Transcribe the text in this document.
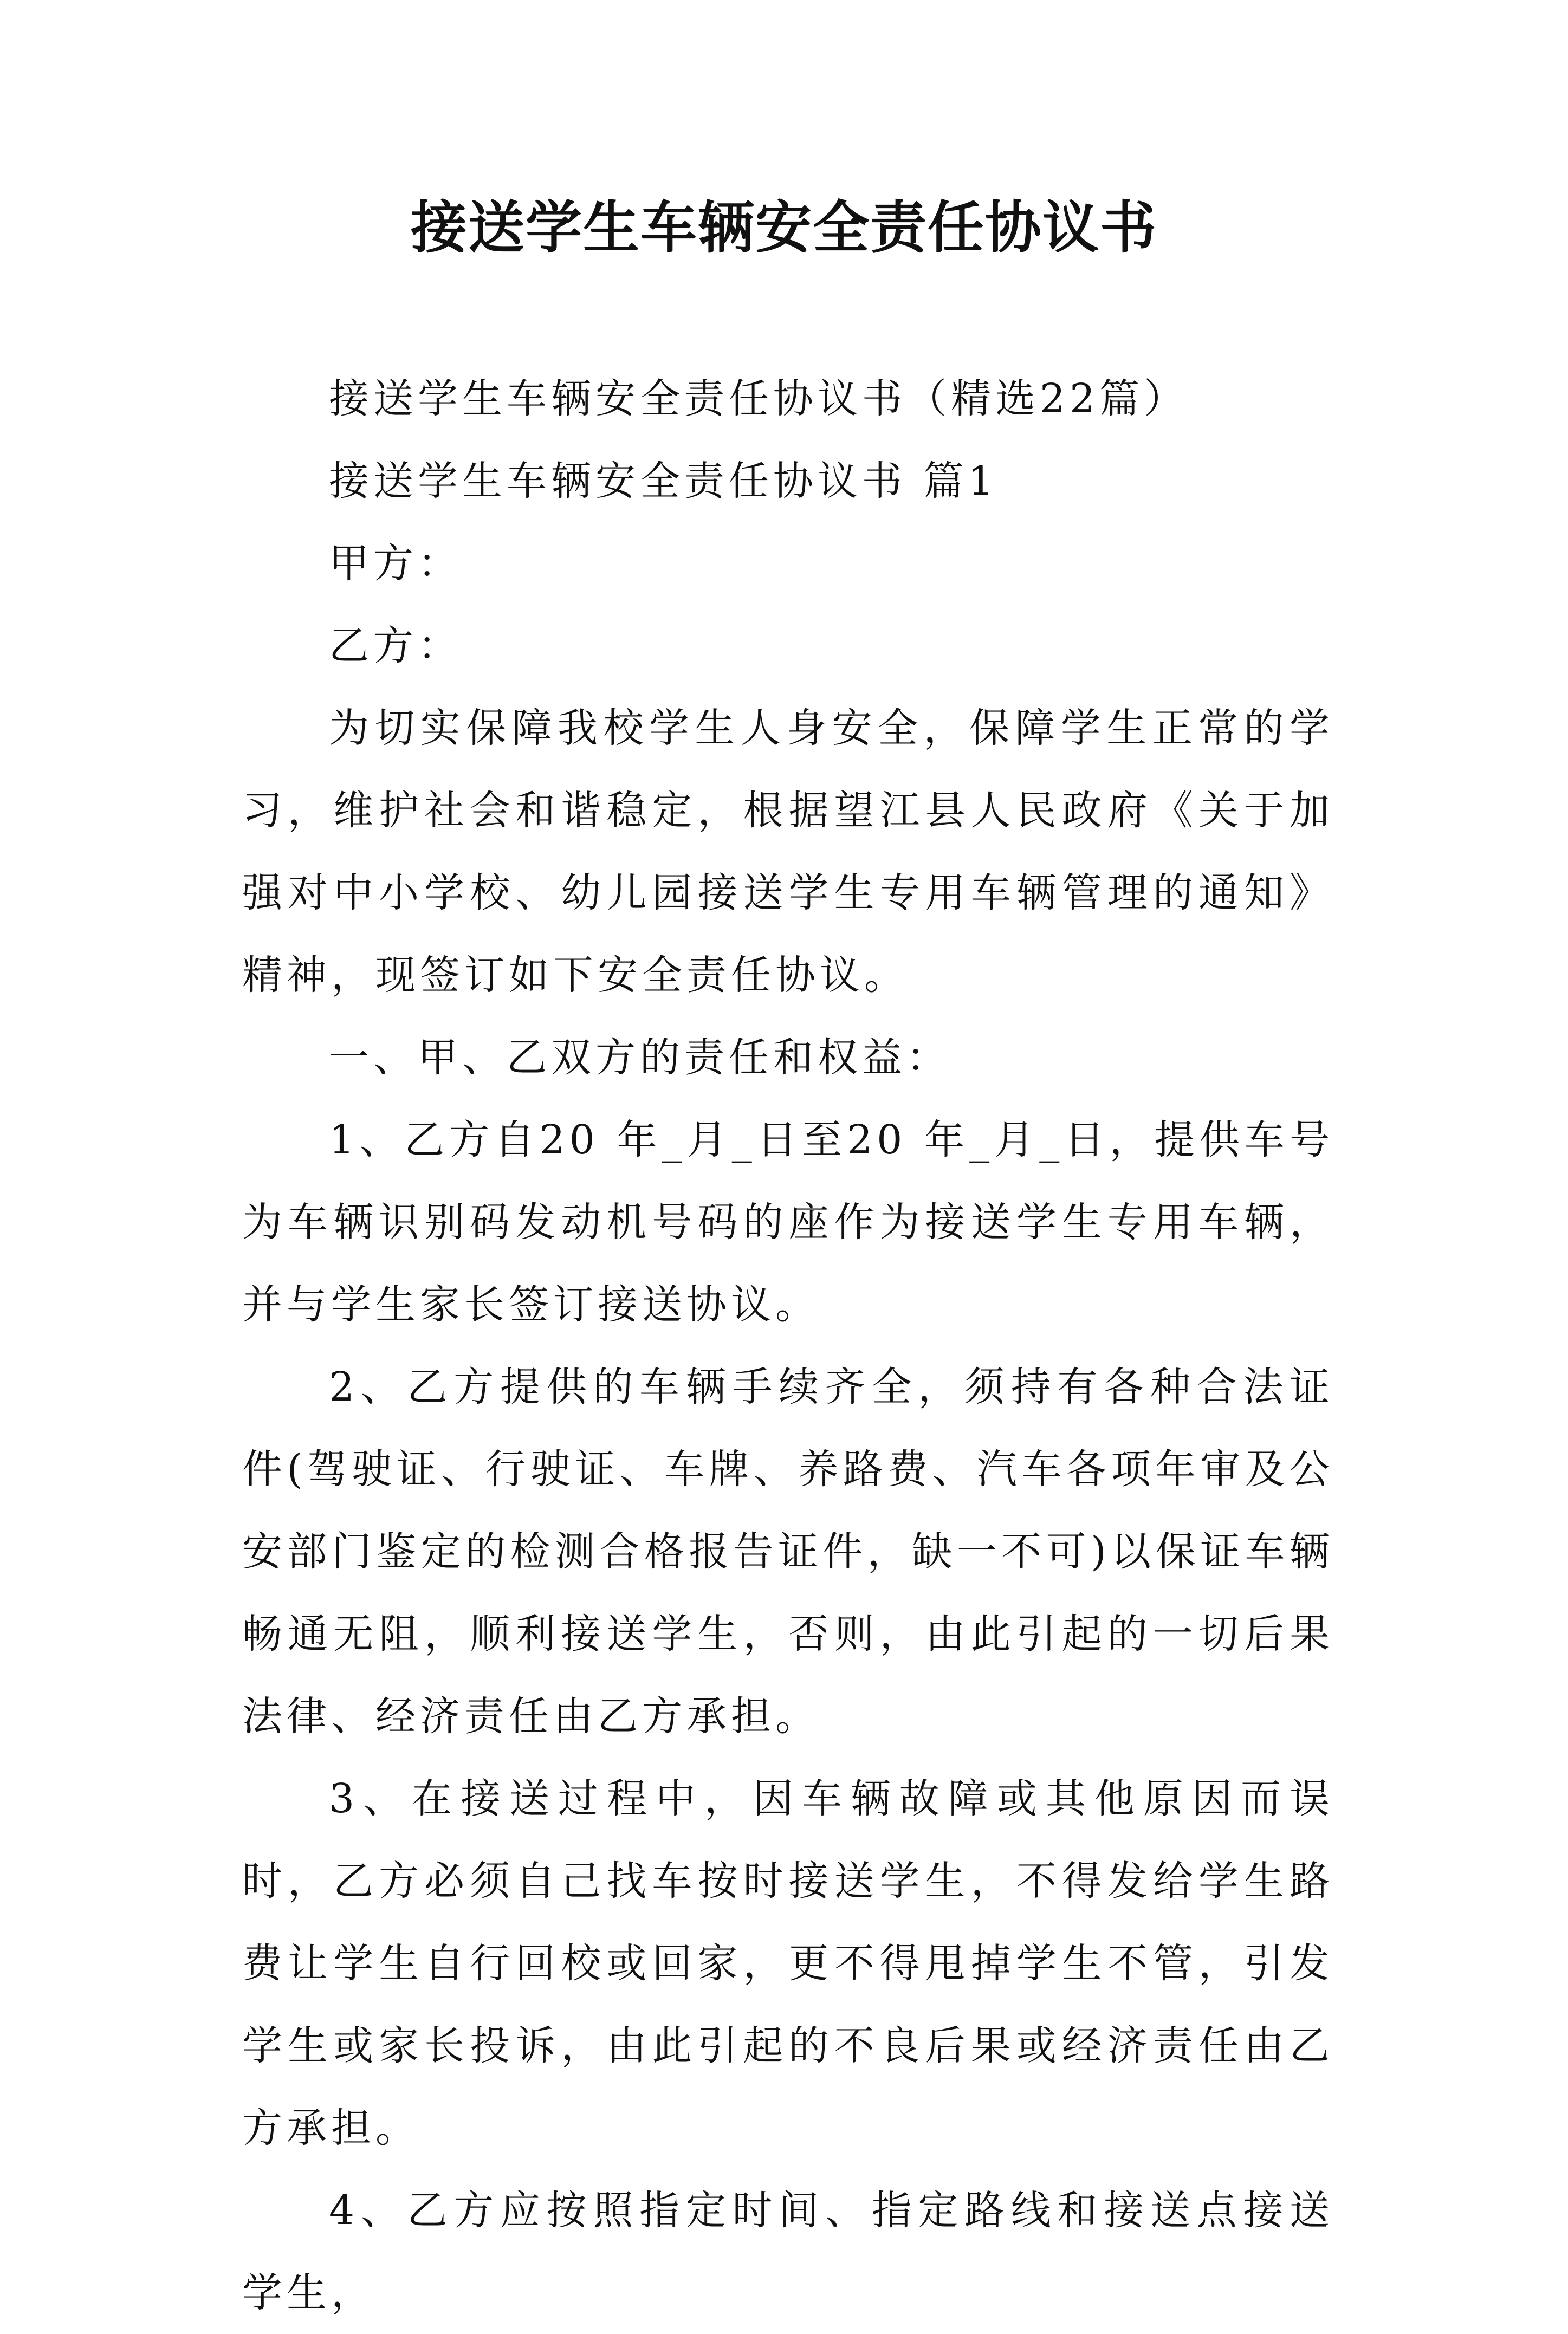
接送学生车辆安全责任协议书

接送学生车辆安全责任协议书（精选22篇）

接送学生车辆安全责任协议书 篇1

甲方：

乙方：

为切实保障我校学生人身安全，保障学生正常的学习，维护社会和谐稳定，根据望江县人民政府《关于加强对中小学校、幼儿园接送学生专用车辆管理的通知》精神，现签订如下安全责任协议。

一、甲、乙双方的责任和权益：

1、乙方自20 年_月_日至20 年_月_日，提供车号为车辆识别码发动机号码的座作为接送学生专用车辆，并与学生家长签订接送协议。

2、乙方提供的车辆手续齐全，须持有各种合法证件(驾驶证、行驶证、车牌、养路费、汽车各项年审及公安部门鉴定的检测合格报告证件，缺一不可)以保证车辆畅通无阻，顺利接送学生，否则，由此引起的一切后果法律、经济责任由乙方承担。

3、在接送过程中，因车辆故障或其他原因而误时，乙方必须自己找车按时接送学生，不得发给学生路费让学生自行回校或回家，更不得甩掉学生不管，引发学生或家长投诉，由此引起的不良后果或经济责任由乙方承担。

4、乙方应按照指定时间、指定路线和接送点接送学生，
